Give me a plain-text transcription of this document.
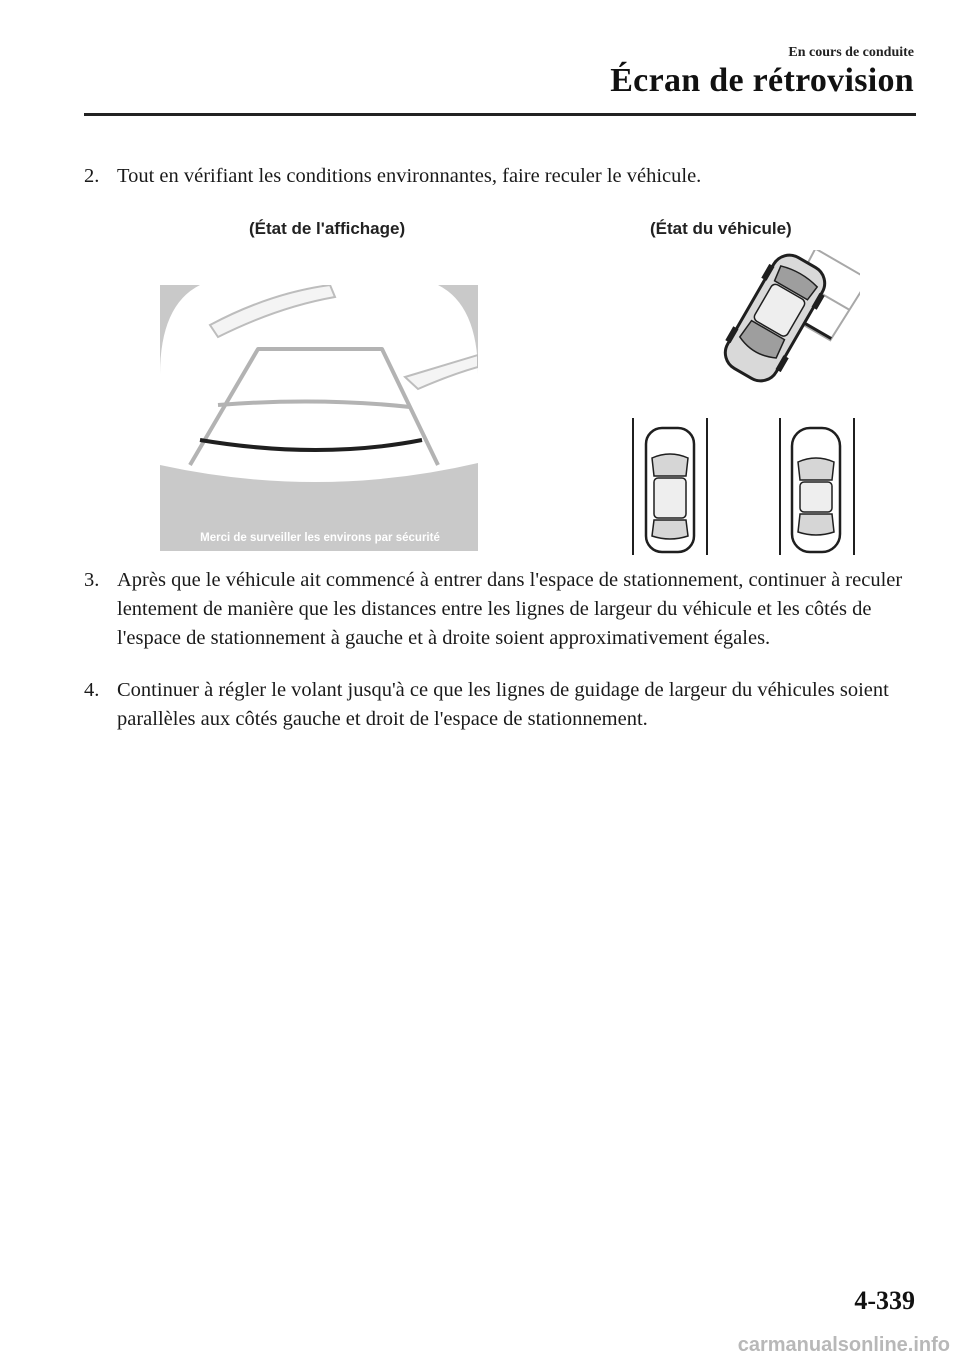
En cours de conduite
Écran de rétrovision
2. Tout en vérifiant les conditions environnantes, faire reculer le véhicule.
(État de l'affichage)	(État du véhicule)
Merci de surveiller les environs par sécurité
3. Après que le véhicule ait commencé à entrer dans l'espace de stationnement, continuer à reculer lentement de manière que les distances entre les lignes de largeur du véhicule et les côtés de l'espace de stationnement à gauche et à droite soient approximativement égales.
4. Continuer à régler le volant jusqu'à ce que les lignes de guidage de largeur du véhicules soient parallèles aux côtés gauche et droit de l'espace de stationnement.
4-339
carmanualsonline.info
